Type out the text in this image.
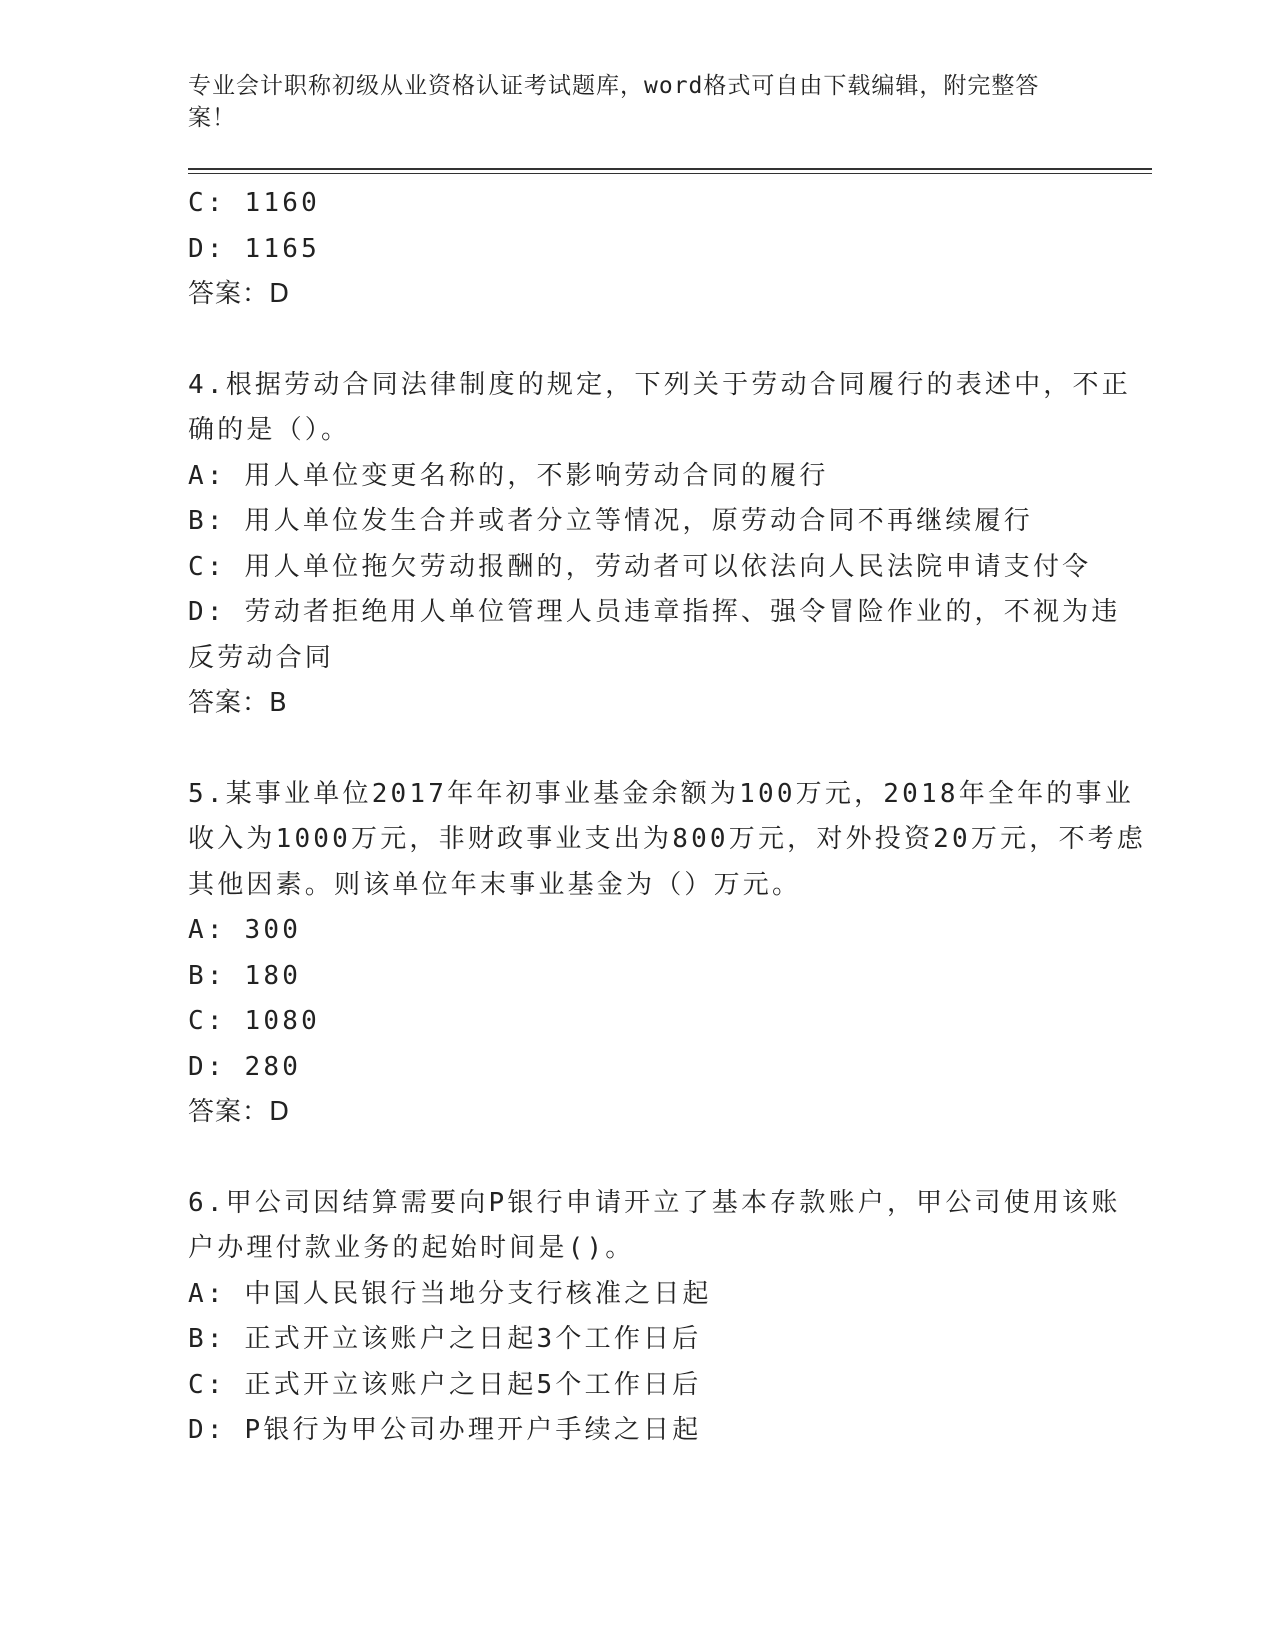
专业会计职称初级从业资格认证考试题库，word格式可自由下载编辑，附完整答案！

C: 1160

D: 1165

答案：D

4.根据劳动合同法律制度的规定，下列关于劳动合同履行的表述中，不正确的是（）。

A: 用人单位变更名称的，不影响劳动合同的履行

B: 用人单位发生合并或者分立等情况，原劳动合同不再继续履行

C: 用人单位拖欠劳动报酬的，劳动者可以依法向人民法院申请支付令

D: 劳动者拒绝用人单位管理人员违章指挥、强令冒险作业的，不视为违反劳动合同

答案：B

5.某事业单位2017年年初事业基金余额为100万元，2018年全年的事业收入为1000万元，非财政事业支出为800万元，对外投资20万元，不考虑其他因素。则该单位年末事业基金为（）万元。

A: 300

B: 180

C: 1080

D: 280

答案：D

6.甲公司因结算需要向P银行申请开立了基本存款账户，甲公司使用该账户办理付款业务的起始时间是()。

A: 中国人民银行当地分支行核准之日起

B: 正式开立该账户之日起3个工作日后

C: 正式开立该账户之日起5个工作日后

D: P银行为甲公司办理开户手续之日起
